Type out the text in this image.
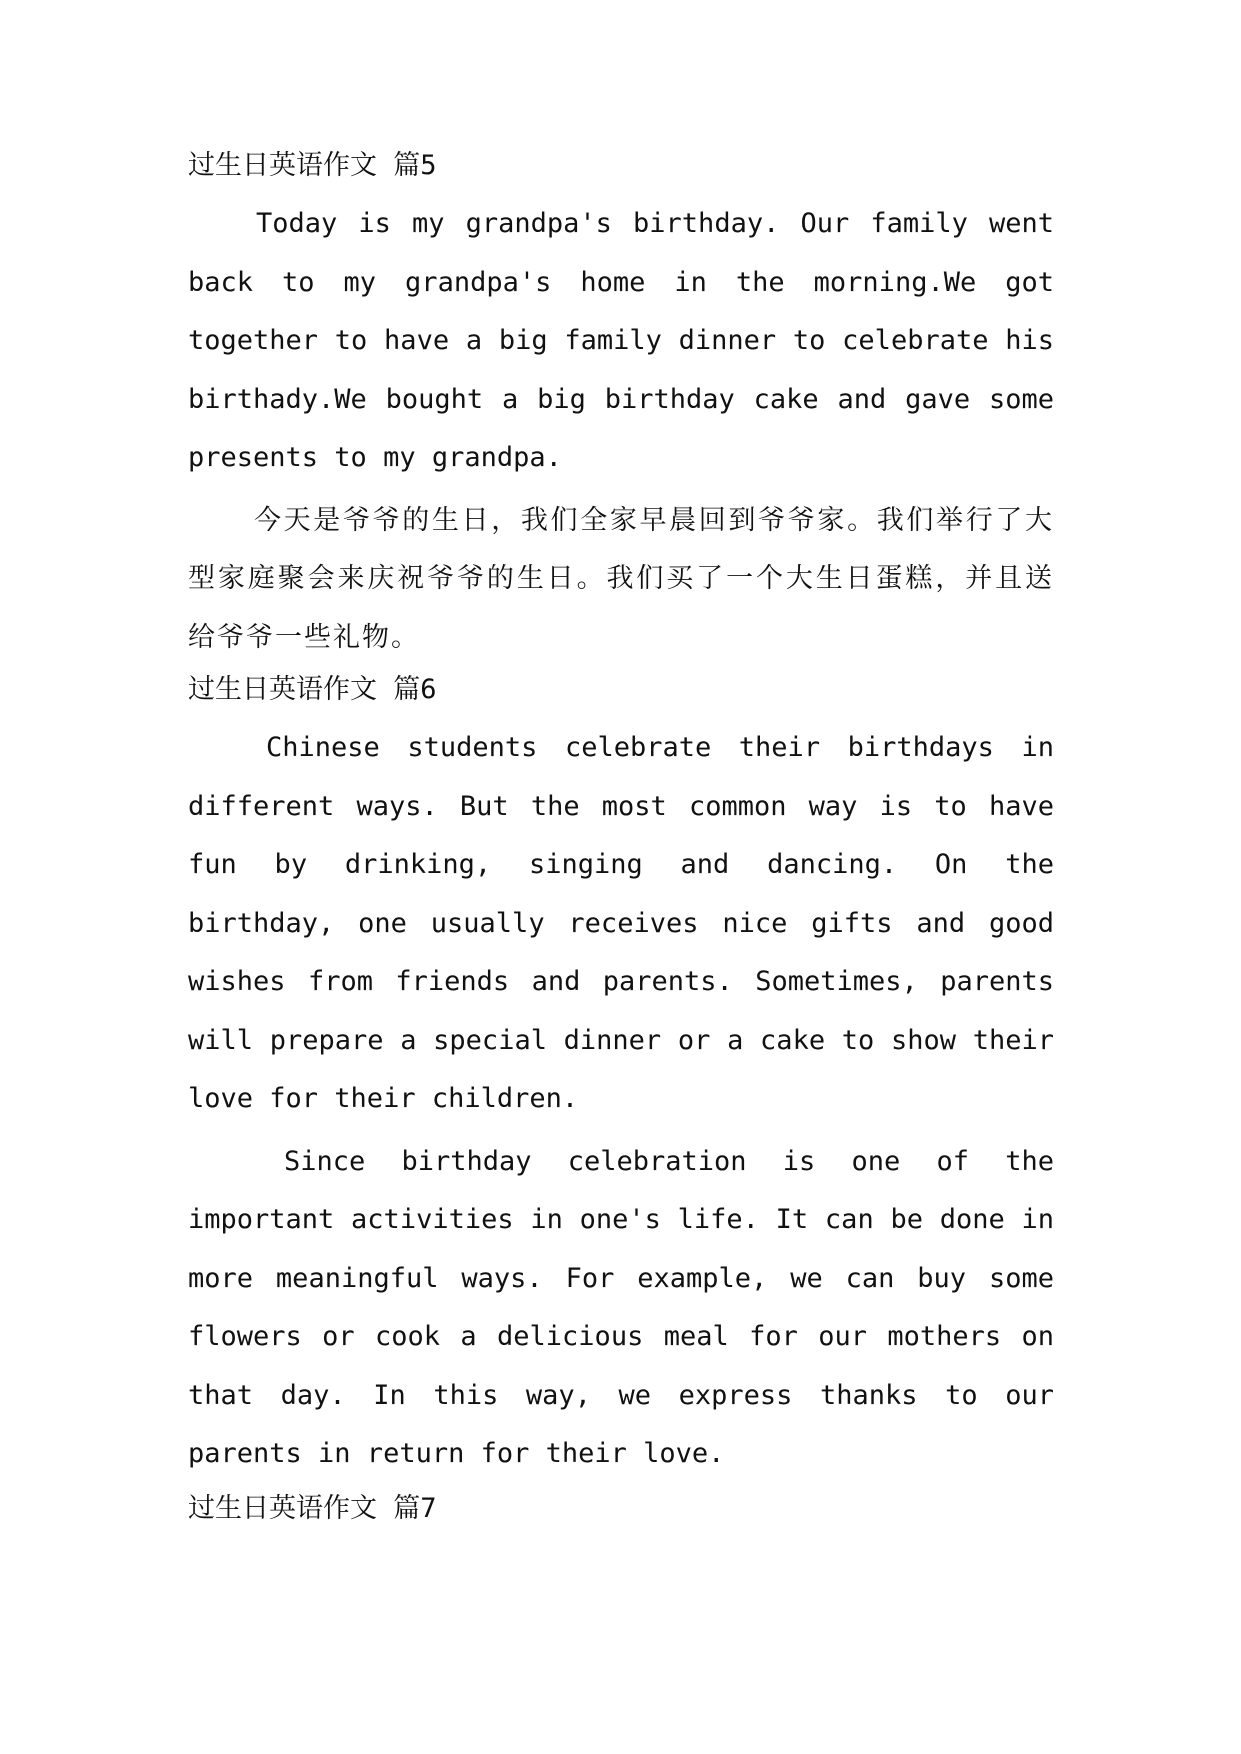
过生日英语作文 篇5

Today is my grandpa's birthday. Our family went back to my grandpa's home in the morning.We got together to have a big family dinner to celebrate his birthady.We bought a big birthday cake and gave some presents to my grandpa.

今天是爷爷的生日，我们全家早晨回到爷爷家。我们举行了大型家庭聚会来庆祝爷爷的生日。我们买了一个大生日蛋糕，并且送给爷爷一些礼物。

过生日英语作文 篇6

Chinese students celebrate their birthdays in different ways. But the most common way is to have fun by drinking, singing and dancing. On the birthday, one usually receives nice gifts and good wishes from friends and parents. Sometimes, parents will prepare a special dinner or a cake to show their love for their children.

Since birthday celebration is one of the important activities in one's life. It can be done in more meaningful ways. For example, we can buy some flowers or cook a delicious meal for our mothers on that day. In this way, we express thanks to our parents in return for their love.

过生日英语作文 篇7
